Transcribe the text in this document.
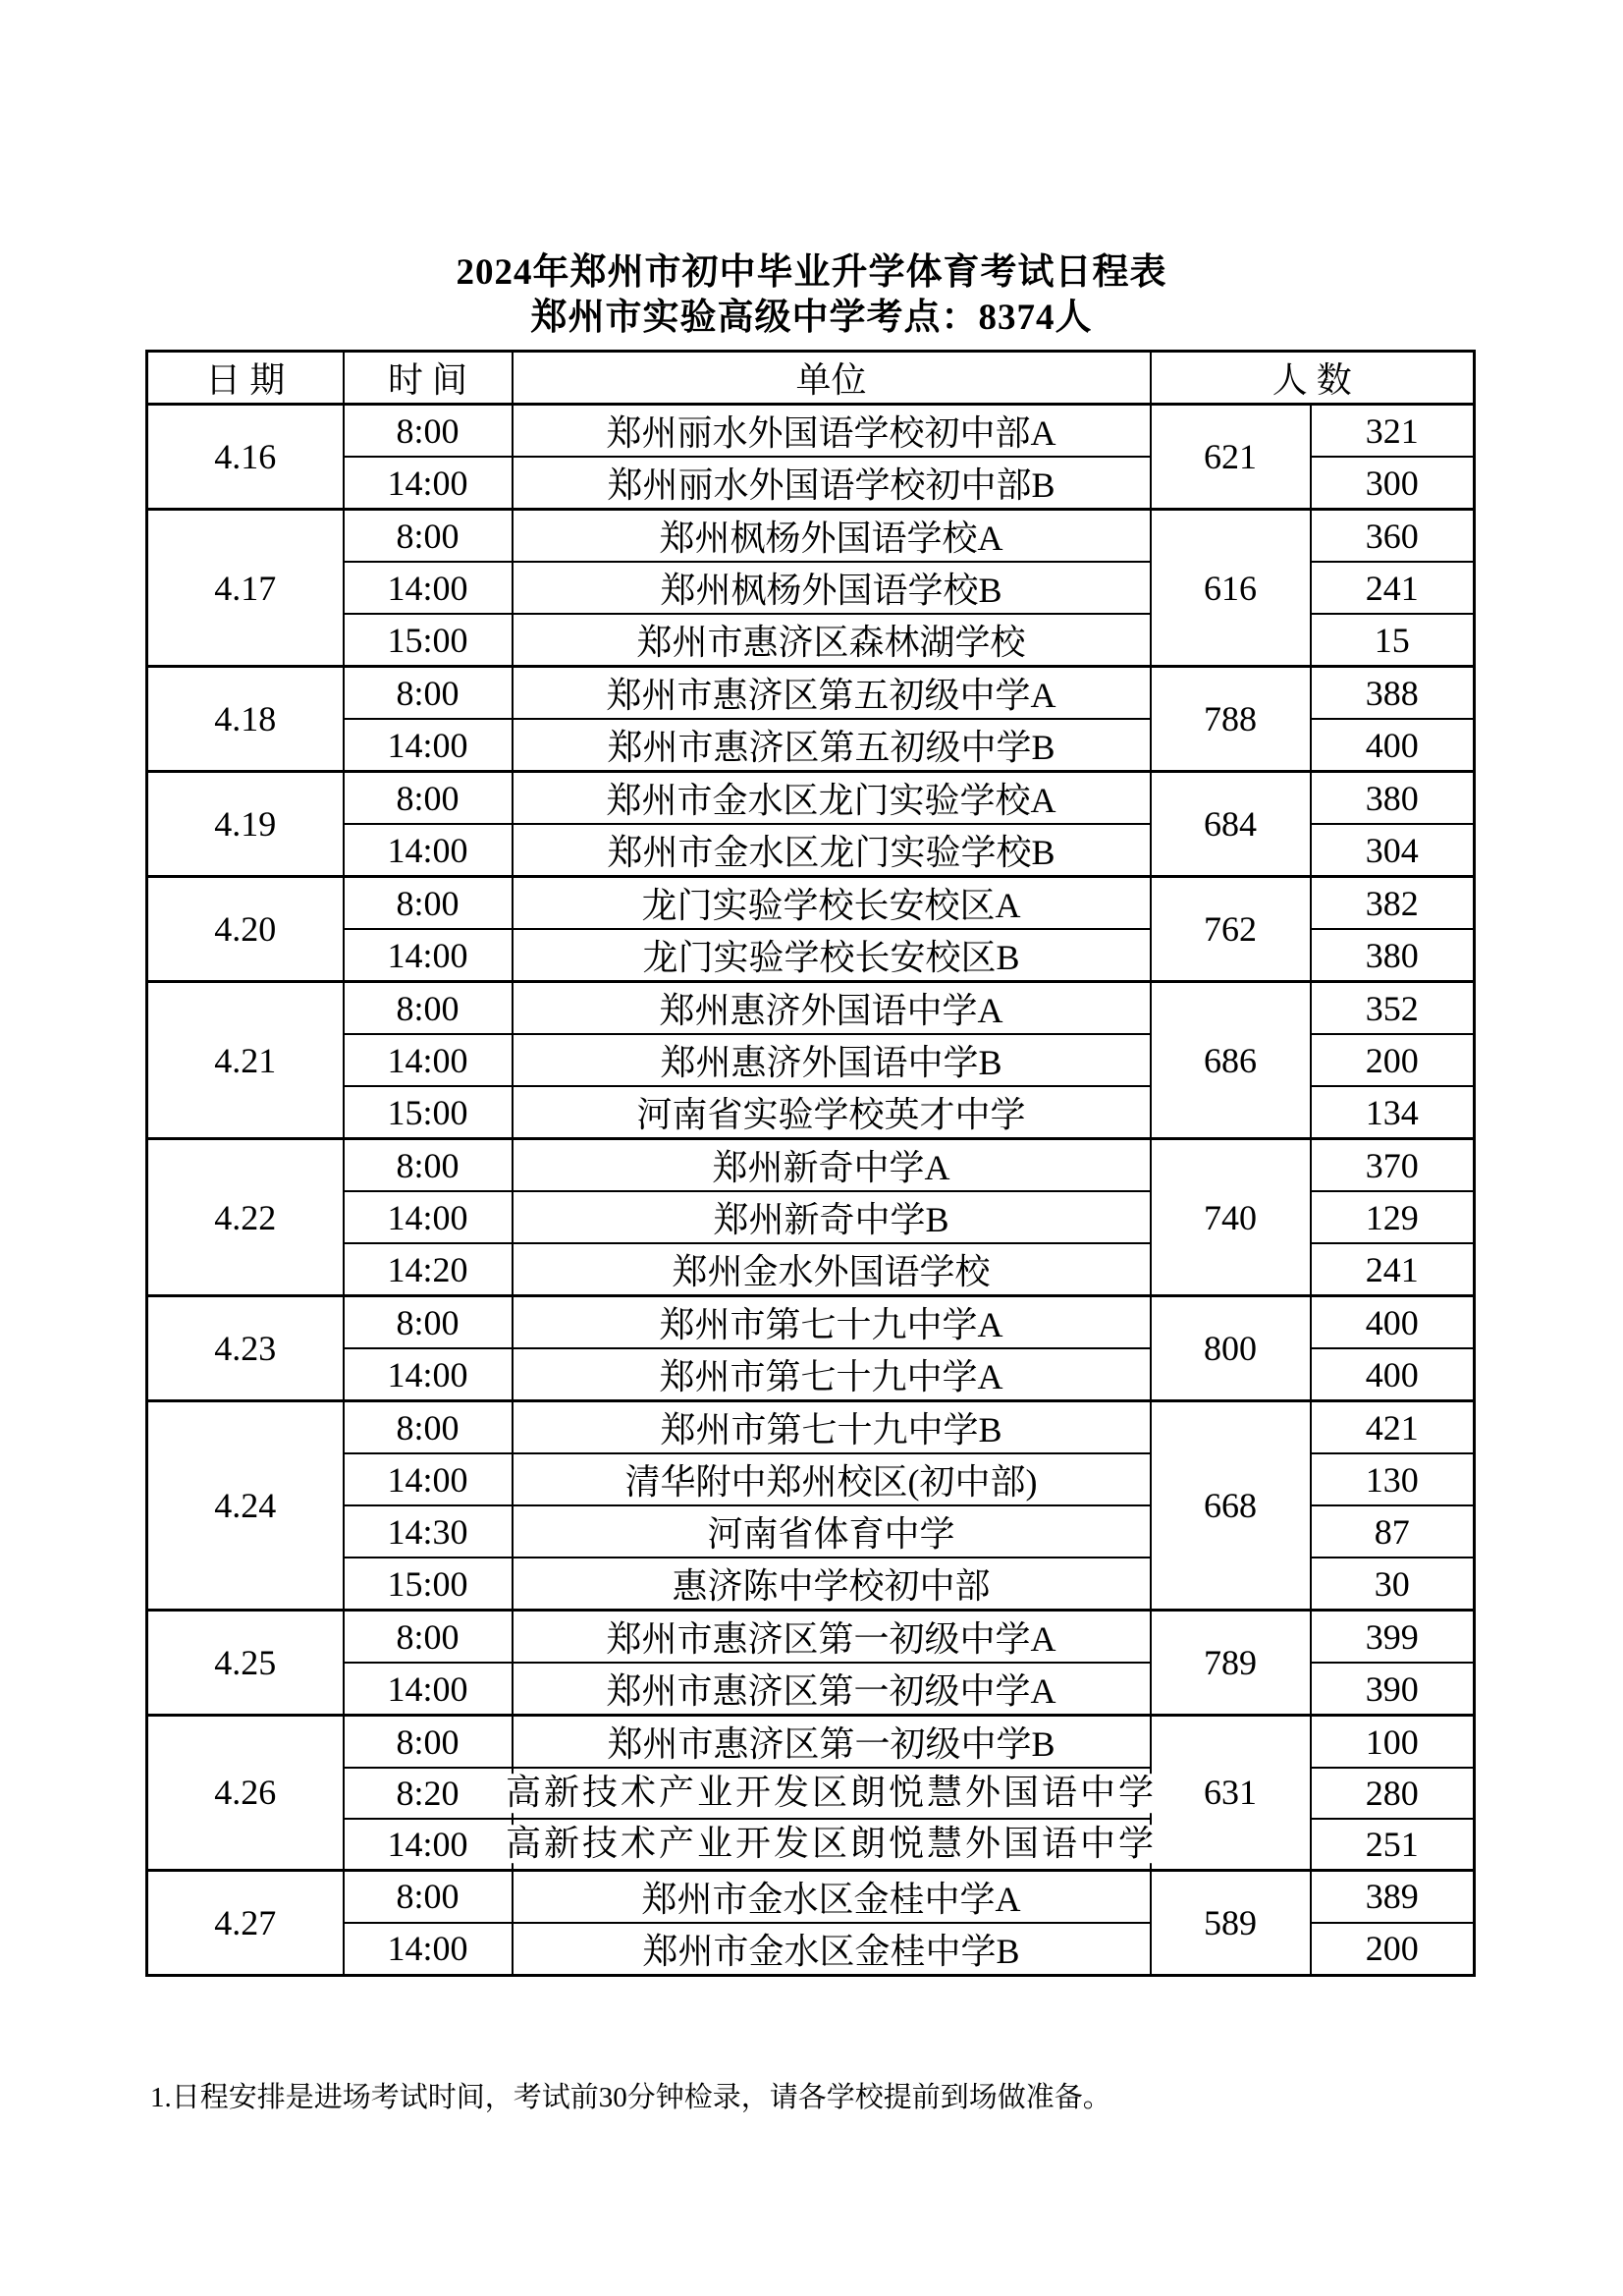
2024年郑州市初中毕业升学体育考试日程表
郑州市实验高级中学考点：8374人
日 期	时 间	单位	人 数	
4.16	8:00	郑州丽水外国语学校初中部A	621	321
	14:00	郑州丽水外国语学校初中部B		300
4.17	8:00	郑州枫杨外国语学校A	616	360
	14:00	郑州枫杨外国语学校B		241
	15:00	郑州市惠济区森林湖学校		15
4.18	8:00	郑州市惠济区第五初级中学A	788	388
	14:00	郑州市惠济区第五初级中学B		400
4.19	8:00	郑州市金水区龙门实验学校A	684	380
	14:00	郑州市金水区龙门实验学校B		304
4.20	8:00	龙门实验学校长安校区A	762	382
	14:00	龙门实验学校长安校区B		380
4.21	8:00	郑州惠济外国语中学A	686	352
	14:00	郑州惠济外国语中学B		200
	15:00	河南省实验学校英才中学		134
4.22	8:00	郑州新奇中学A	740	370
	14:00	郑州新奇中学B		129
	14:20	郑州金水外国语学校		241
4.23	8:00	郑州市第七十九中学A	800	400
	14:00	郑州市第七十九中学A		400
4.24	8:00	郑州市第七十九中学B	668	421
	14:00	清华附中郑州校区(初中部)		130
	14:30	河南省体育中学		87
	15:00	惠济陈中学校初中部		30
4.25	8:00	郑州市惠济区第一初级中学A	789	399
	14:00	郑州市惠济区第一初级中学A		390
4.26	8:00	郑州市惠济区第一初级中学B	631	100
	8:20	高新技术产业开发区朗悦慧外国语中学		280
	14:00	高新技术产业开发区朗悦慧外国语中学		251
4.27	8:00	郑州市金水区金桂中学A	589	389
	14:00	郑州市金水区金桂中学B		200

1.日程安排是进场考试时间，考试前30分钟检录，请各学校提前到场做准备。
